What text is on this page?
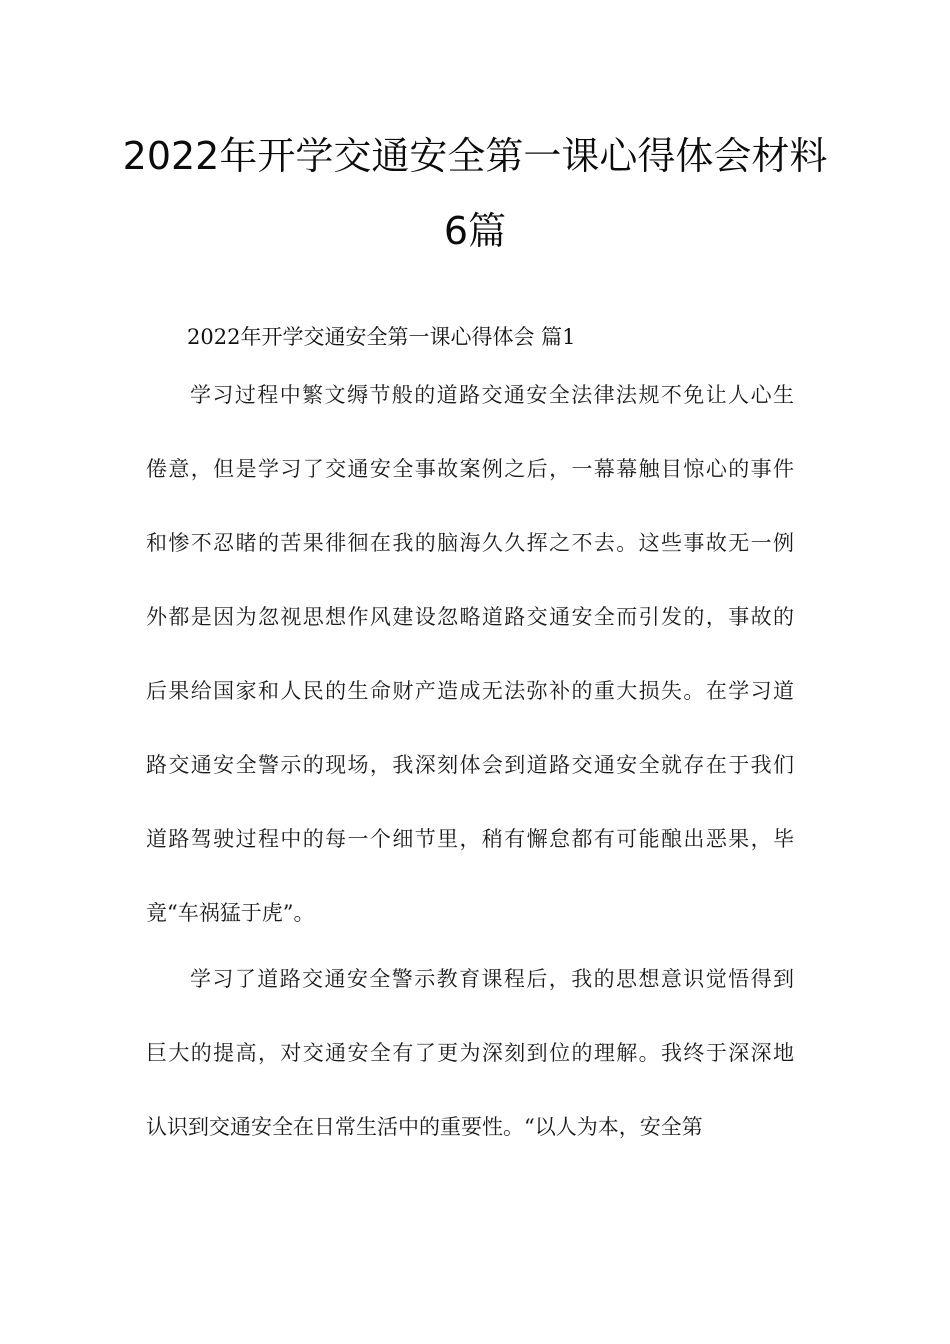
2022年开学交通安全第一课心得体会材料
6篇
2022年开学交通安全第一课心得体会 篇1

学习过程中繁文缛节般的道路交通安全法律法规不免让人心生

倦意，但是学习了交通安全事故案例之后，一幕幕触目惊心的事件

和惨不忍睹的苦果徘徊在我的脑海久久挥之不去。这些事故无一例

外都是因为忽视思想作风建设忽略道路交通安全而引发的，事故的

后果给国家和人民的生命财产造成无法弥补的重大损失。在学习道

路交通安全警示的现场，我深刻体会到道路交通安全就存在于我们

道路驾驶过程中的每一个细节里，稍有懈怠都有可能酿出恶果，毕

竟“车祸猛于虎”。

学习了道路交通安全警示教育课程后，我的思想意识觉悟得到

巨大的提高，对交通安全有了更为深刻到位的理解。我终于深深地

认识到交通安全在日常生活中的重要性。“以人为本，安全第
